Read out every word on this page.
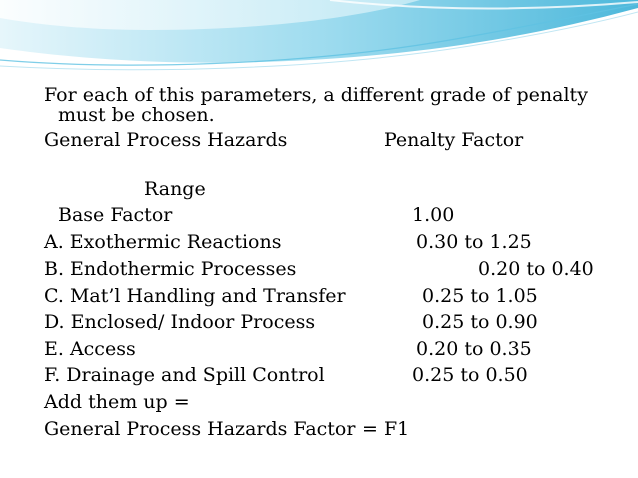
For each of this parameters, a different grade of penalty
must be chosen.
General Process Hazards	Penalty Factor
Range
Base Factor	1.00
A. Exothermic Reactions	0.30 to 1.25
B. Endothermic Processes	0.20 to 0.40
C. Mat’l Handling and Transfer	0.25 to 1.05
D. Enclosed/ Indoor Process	0.25 to 0.90
E. Access	0.20 to 0.35
F. Drainage and Spill Control	0.25 to 0.50
Add them up =
General Process Hazards Factor = F1
